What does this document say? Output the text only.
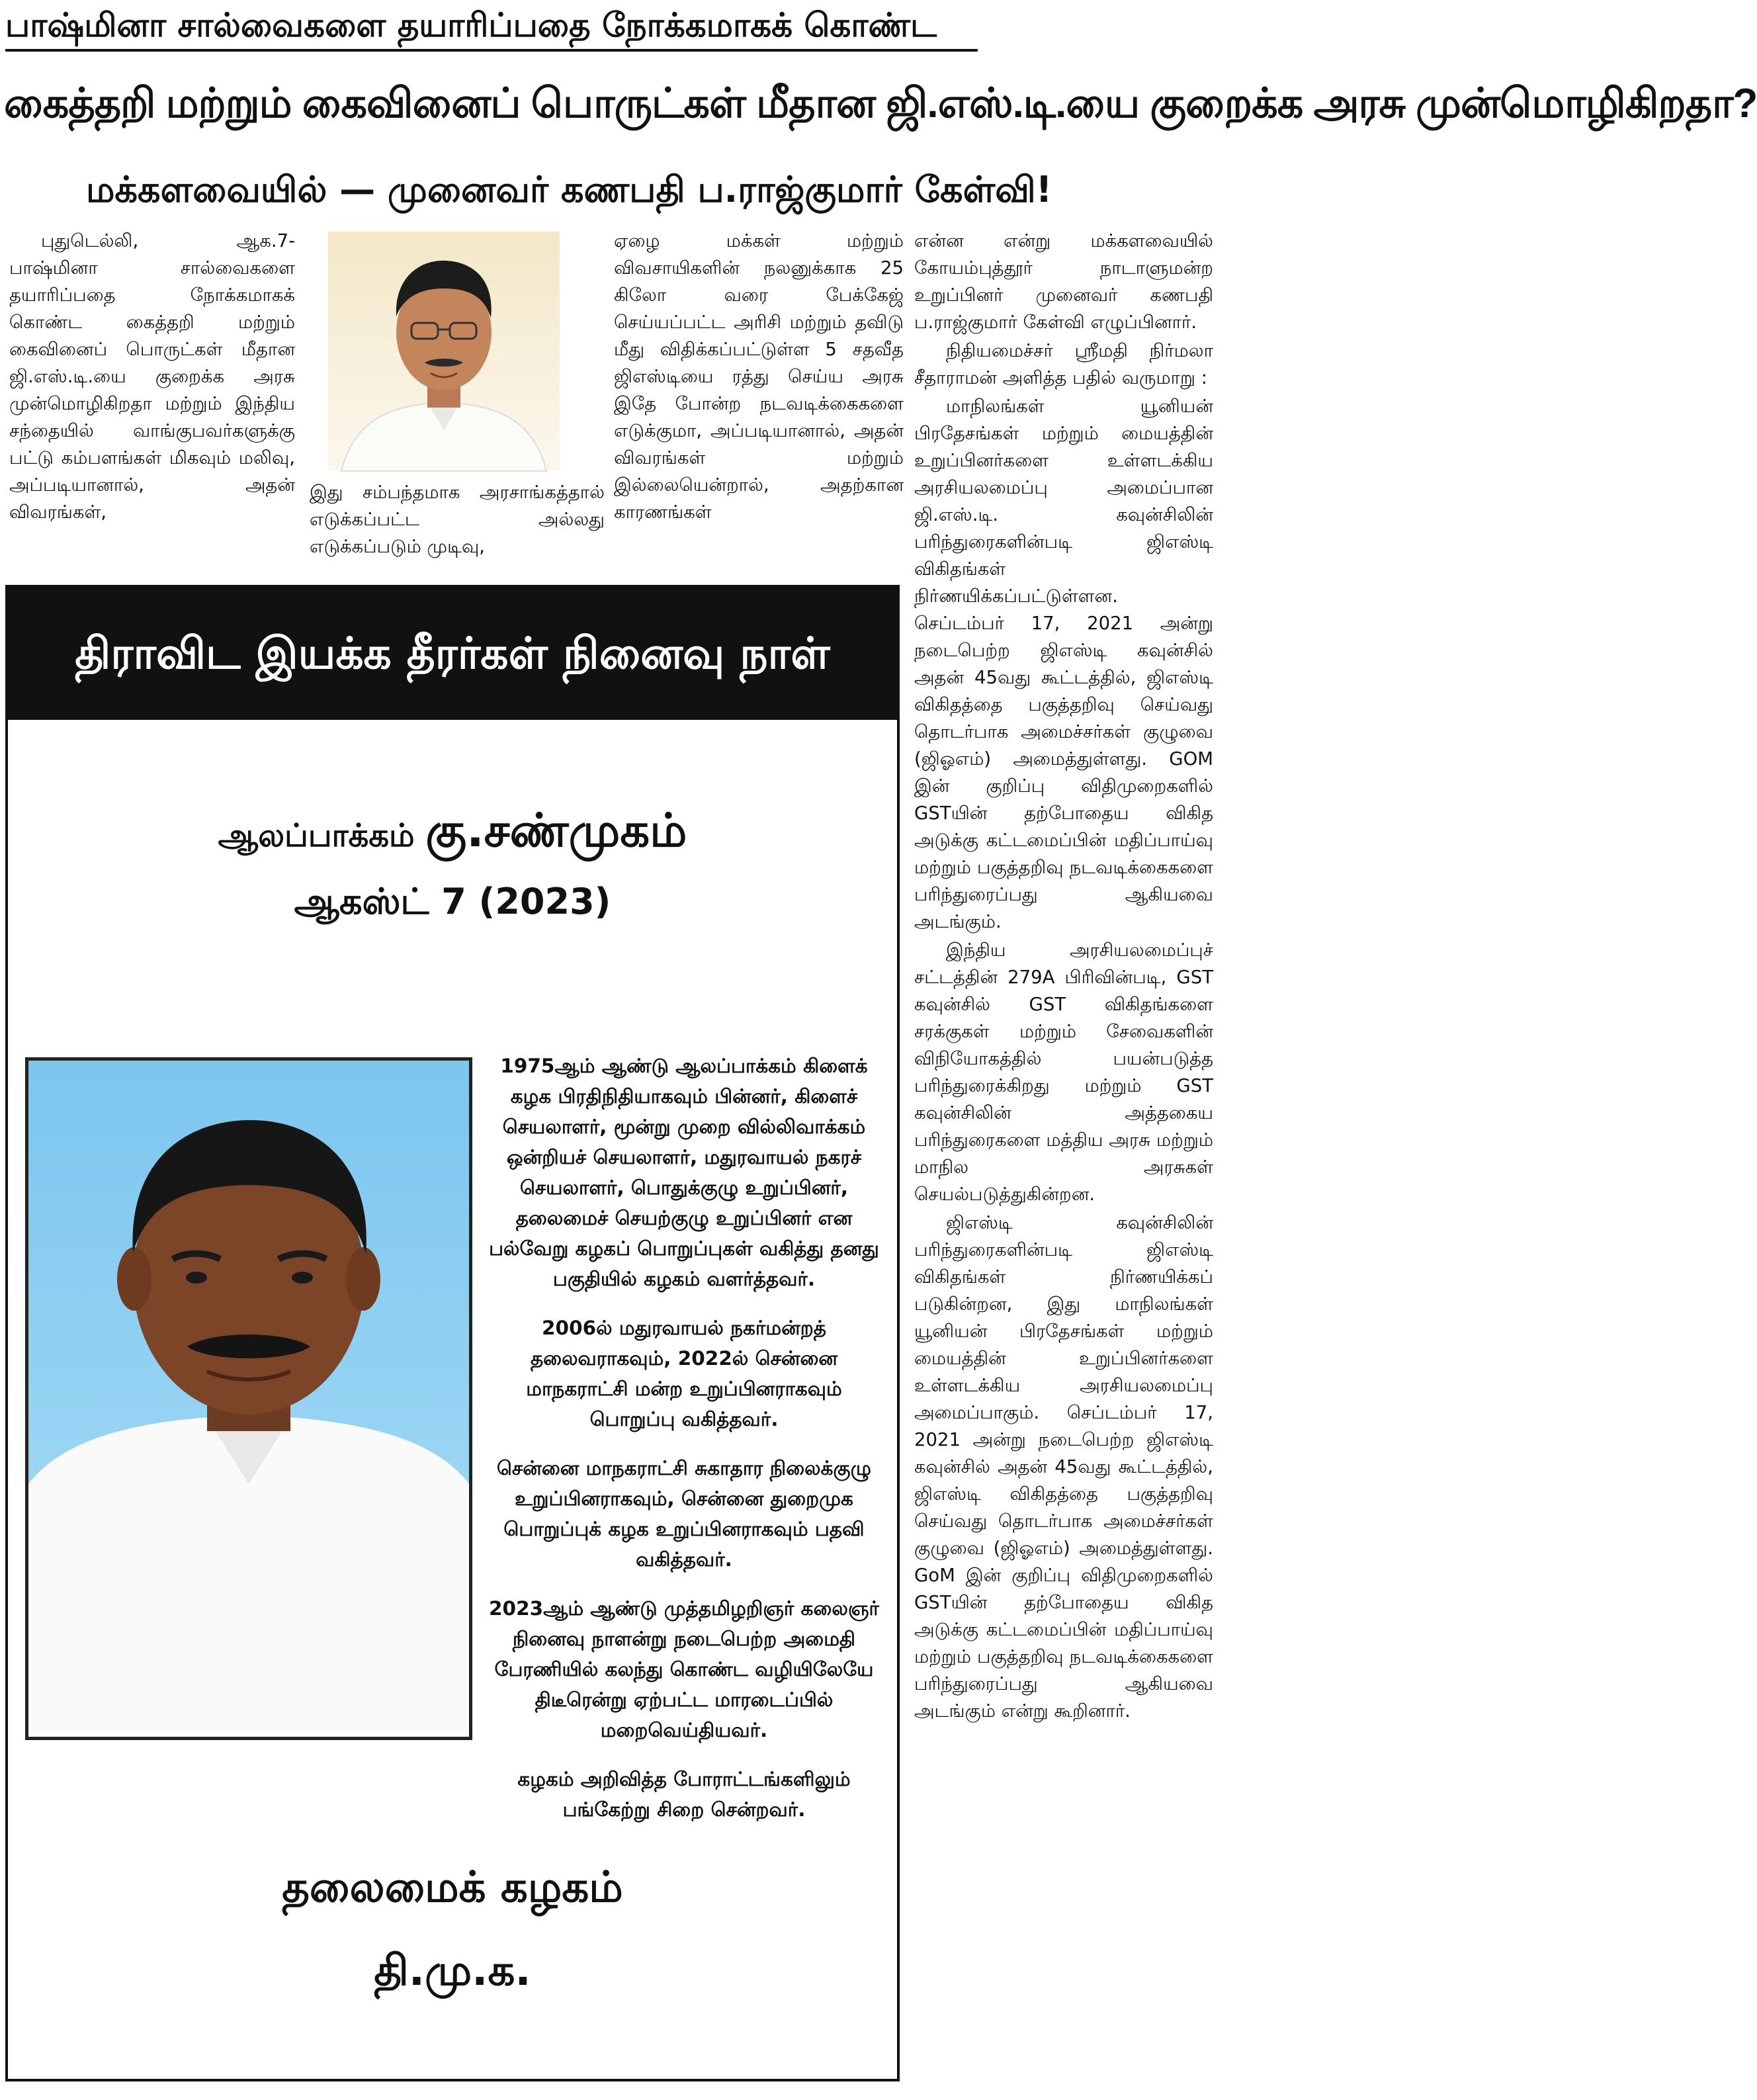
பாஷ்மினா சால்வைகளை தயாரிப்பதை நோக்கமாகக் கொண்ட
கைத்தறி மற்றும் கைவினைப் பொருட்கள் மீதான ஜி.எஸ்.டி.யை குறைக்க அரசு முன்மொழிகிறதா?
மக்களவையில் — முனைவர் கணபதி ப.ராஜ்குமார் கேள்வி!

புதுடெல்லி, ஆக.7- பாஷ்மினா சால்வைகளை தயாரிப்பதை நோக்கமாகக் கொண்ட கைத்தறி மற்றும் கைவினைப் பொருட்கள் மீதான ஜி.எஸ்.டி.யை குறைக்க அரசு முன்மொழிகிறதா மற்றும் இந்திய சந்தையில் வாங்குபவர்களுக்கு பட்டு கம்பளங்கள் மிகவும் மலிவு, அப்படியானால், அதன் விவரங்கள்,

இது சம்பந்தமாக அரசாங்கத்தால் எடுக்கப்பட்ட அல்லது எடுக்கப்படும் முடிவு,

ஏழை மக்கள் மற்றும் விவசாயிகளின் நலனுக்காக 25 கிலோ வரை பேக்கேஜ் செய்யப்பட்ட அரிசி மற்றும் தவிடு மீது விதிக்கப்பட்டுள்ள 5 சதவீத ஜிஎஸ்டியை ரத்து செய்ய அரசு இதே போன்ற நடவடிக்கைகளை எடுக்குமா, அப்படியானால், அதன் விவரங்கள் மற்றும் இல்லையென்றால், அதற்கான காரணங்கள்

என்ன என்று மக்களவையில் கோயம்புத்தூர் நாடாளுமன்ற உறுப்பினர் முனைவர் கணபதி ப.ராஜ்குமார் கேள்வி எழுப்பினார்.

நிதியமைச்சர் ஸ்ரீமதி நிர்மலா சீதாராமன் அளித்த பதில் வருமாறு :

மாநிலங்கள் யூனியன் பிரதேசங்கள் மற்றும் மையத்தின் உறுப்பினர்களை உள்ளடக்கிய அரசியலமைப்பு அமைப்பான ஜி.எஸ்.டி. கவுன்சிலின் பரிந்துரைகளின்படி ஜிஎஸ்டி விகிதங்கள் நிர்ணயிக்கப்பட்டுள்ளன. செப்டம்பர் 17, 2021 அன்று நடைபெற்ற ஜிஎஸ்டி கவுன்சில் அதன் 45வது கூட்டத்தில், ஜிஎஸ்டி விகிதத்தை பகுத்தறிவு செய்வது தொடர்பாக அமைச்சர்கள் குழுவை (ஜிஓஎம்) அமைத்துள்ளது. GOM இன் குறிப்பு விதிமுறைகளில் GSTயின் தற்போதைய விகித அடுக்கு கட்டமைப்பின் மதிப்பாய்வு மற்றும் பகுத்தறிவு நடவடிக்கைகளை பரிந்துரைப்பது ஆகியவை அடங்கும்.

இந்திய அரசியலமைப்புச் சட்டத்தின் 279A பிரிவின்படி, GST கவுன்சில் GST விகிதங்களை சரக்குகள் மற்றும் சேவைகளின் விநியோகத்தில் பயன்படுத்த பரிந்துரைக்கிறது மற்றும் GST கவுன்சிலின் அத்தகைய பரிந்துரைகளை மத்திய அரசு மற்றும் மாநில அரசுகள் செயல்படுத்துகின்றன.

ஜிஎஸ்டி கவுன்சிலின் பரிந்துரைகளின்படி ஜிஎஸ்டி விகிதங்கள் நிர்ணயிக்கப் படுகின்றன, இது மாநிலங்கள் யூனியன் பிரதேசங்கள் மற்றும் மையத்தின் உறுப்பினர்களை உள்ளடக்கிய அரசியலமைப்பு அமைப்பாகும். செப்டம்பர் 17, 2021 அன்று நடைபெற்ற ஜிஎஸ்டி கவுன்சில் அதன் 45வது கூட்டத்தில், ஜிஎஸ்டி விகிதத்தை பகுத்தறிவு செய்வது தொடர்பாக அமைச்சர்கள் குழுவை (ஜிஓஎம்) அமைத்துள்ளது. GoM இன் குறிப்பு விதிமுறைகளில் GSTயின் தற்போதைய விகித அடுக்கு கட்டமைப்பின் மதிப்பாய்வு மற்றும் பகுத்தறிவு நடவடிக்கைகளை பரிந்துரைப்பது ஆகியவை அடங்கும் என்று கூறினார்.

திராவிட இயக்க தீரர்கள் நினைவு நாள்
ஆலப்பாக்கம் கு.சண்முகம்
ஆகஸ்ட் 7 (2023)

1975ஆம் ஆண்டு ஆலப்பாக்கம் கிளைக் கழக பிரதிநிதியாகவும் பின்னர், கிளைச் செயலாளர், மூன்று முறை வில்லிவாக்கம் ஒன்றியச் செயலாளர், மதுரவாயல் நகரச் செயலாளர், பொதுக்குழு உறுப்பினர், தலைமைச் செயற்குழு உறுப்பினர் என பல்வேறு கழகப் பொறுப்புகள் வகித்து தனது பகுதியில் கழகம் வளர்த்தவர்.

2006ல் மதுரவாயல் நகர்மன்றத் தலைவராகவும், 2022ல் சென்னை மாநகராட்சி மன்ற உறுப்பினராகவும் பொறுப்பு வகித்தவர்.

சென்னை மாநகராட்சி சுகாதார நிலைக்குழு உறுப்பினராகவும், சென்னை துறைமுக பொறுப்புக் கழக உறுப்பினராகவும் பதவி வகித்தவர்.

2023ஆம் ஆண்டு முத்தமிழறிஞர் கலைஞர் நினைவு நாளன்று நடைபெற்ற அமைதி பேரணியில் கலந்து கொண்ட வழியிலேயே திடீரென்று ஏற்பட்ட மாரடைப்பில் மறைவெய்தியவர்.

கழகம் அறிவித்த போராட்டங்களிலும் பங்கேற்று சிறை சென்றவர்.

தலைமைக் கழகம்
தி.மு.க.
